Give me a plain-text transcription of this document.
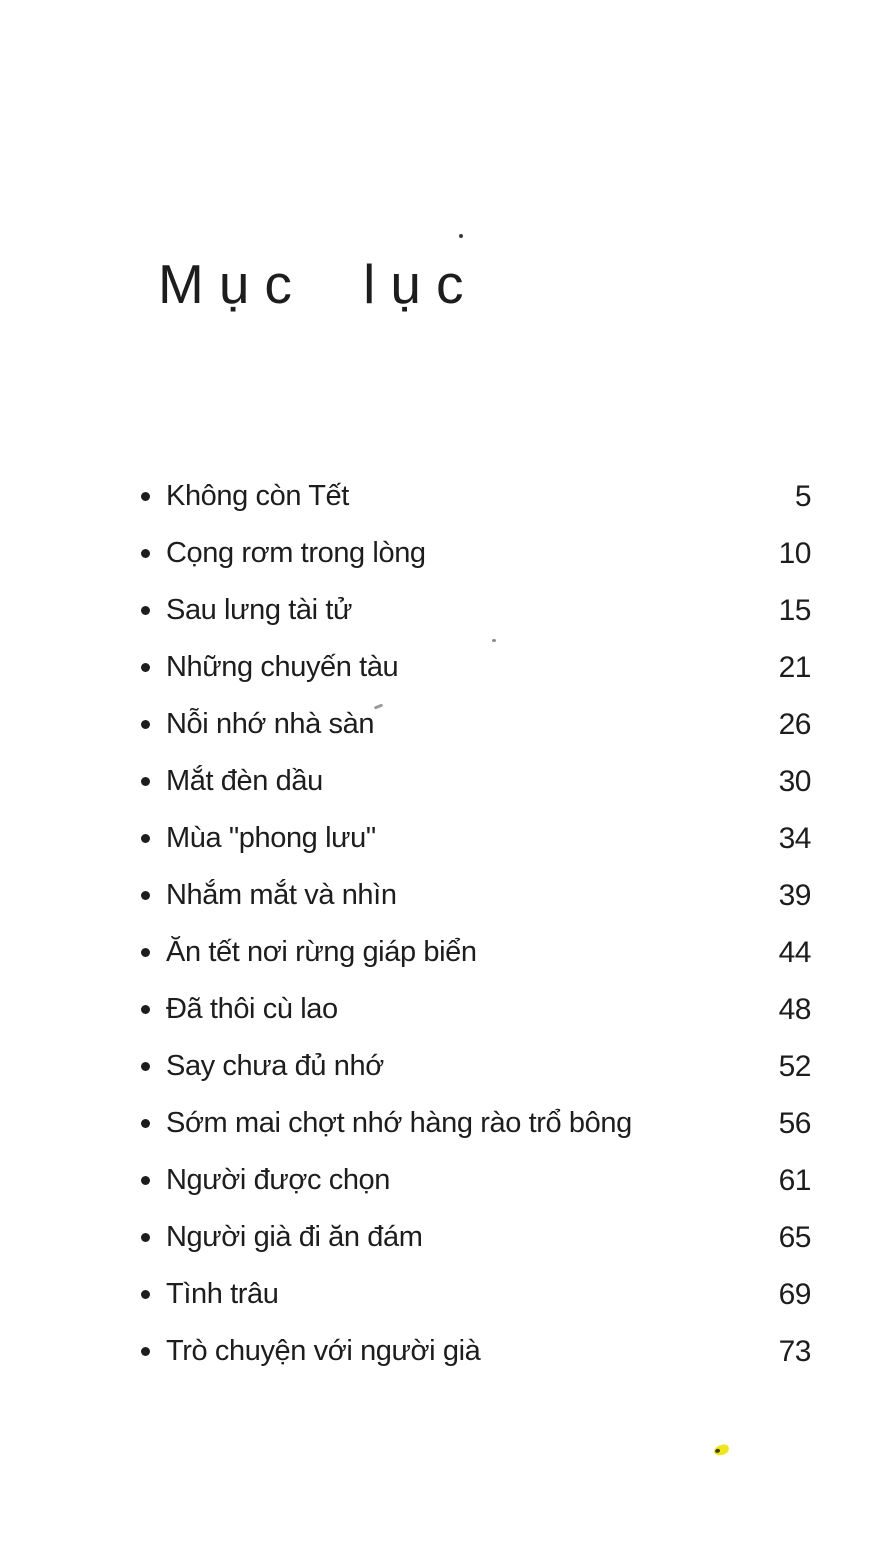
Mục lục
Không còn Tết	5
Cọng rơm trong lòng	10
Sau lưng tài tử	15
Những chuyến tàu	21
Nỗi nhớ nhà sàn	26
Mắt đèn dầu	30
Mùa "phong lưu"	34
Nhắm mắt và nhìn	39
Ăn tết nơi rừng giáp biển	44
Đã thôi cù lao	48
Say chưa đủ nhớ	52
Sớm mai chợt nhớ hàng rào trổ bông	56
Người được chọn	61
Người già đi ăn đám	65
Tình trâu	69
Trò chuyện với người già	73
